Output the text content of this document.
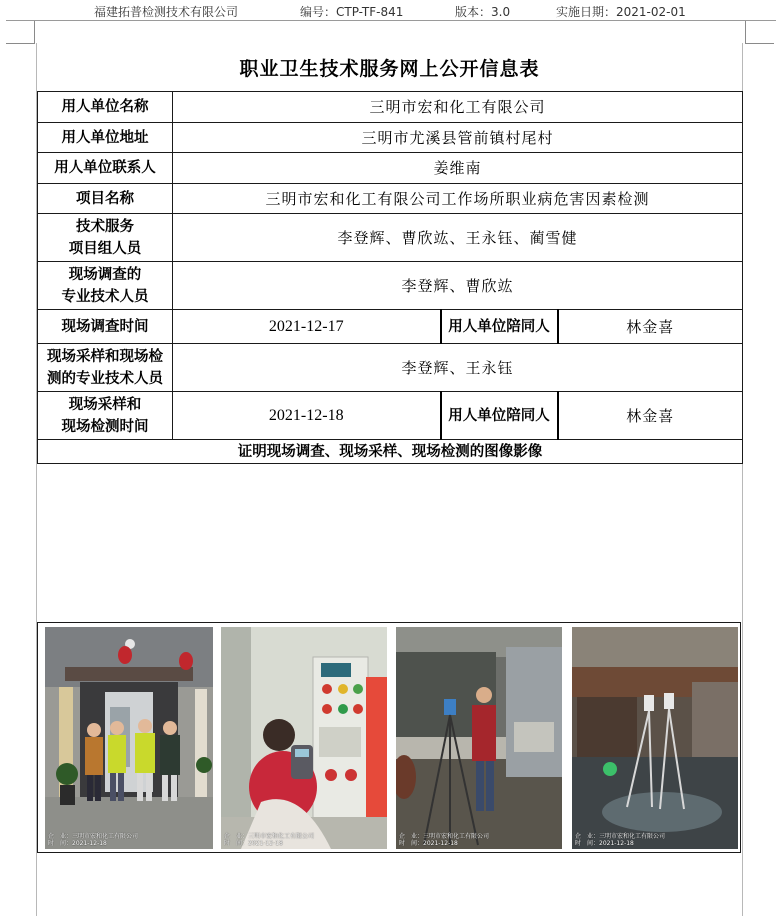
福建拓普检测技术有限公司	编号：CTP-TF-841	版本：3.0	实施日期：2021-02-01
职业卫生技术服务网上公开信息表
用人单位名称	三明市宏和化工有限公司		
用人单位地址	三明市尤溪县管前镇村尾村		
用人单位联系人	姜维南		
项目名称	三明市宏和化工有限公司工作场所职业病危害因素检测		

技术服务
项目组人员	李登辉、曹欣竑、王永钰、蔺雪健		

现场调查的
专业技术人员	李登辉、曹欣竑		
现场调查时间	2021-12-17	用人单位陪同人	林金喜

现场采样和现场检
测的专业技术人员	李登辉、王永钰		

现场采样和
现场检测时间	2021-12-18	用人单位陪同人	林金喜
证明现场调查、现场采样、现场检测的图像影像			
企　业：三明市宏和化工有限公司
时　间：2021-12-18
企　业：三明市宏和化工有限公司
时　间：2021-12-18
企　业：三明市宏和化工有限公司
时　间：2021-12-18
企　业：三明市宏和化工有限公司
时　间：2021-12-18
